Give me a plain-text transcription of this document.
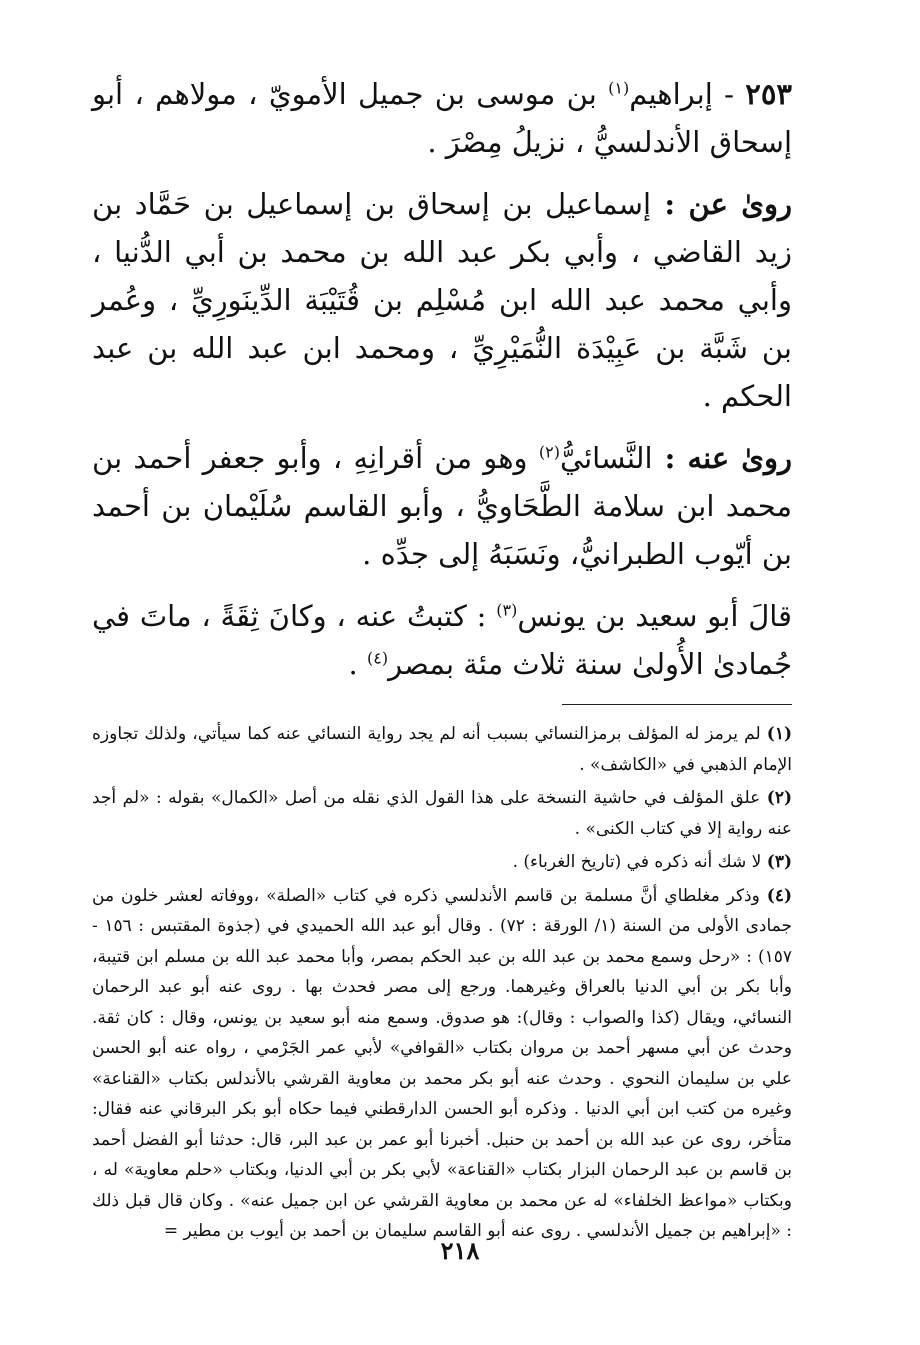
٢٥٣ - إبراهيم$^{(١)}$ بن موسى بن جميل الأمويّ ، مولاهم ، أبو إسحاق الأندلسيُّ ، نزيلُ مِصْرَ .

روىٰ عن : إسماعيل بن إسحاق بن إسماعيل بن حَمَّاد بن زيد القاضي ، وأبي بكر عبد الله بن محمد بن أبي الدُّنيا ، وأبي محمد عبد الله ابن مُسْلِم بن قُتَيْبَة الدِّينَورِيِّ ، وعُمر بن شَبَّة بن عَبِيْدَة النُّمَيْرِيِّ ، ومحمد ابن عبد الله بن عبد الحكم .

روىٰ عنه : النَّسائيُّ$^{(٢)}$ وهو من أقرانِهِ ، وأبو جعفر أحمد بن محمد ابن سلامة الطَّحَاويُّ ، وأبو القاسم سُلَيْمان بن أحمد بن أيّوب الطبرانيُّ، ونَسَبَهُ إلى جدِّه .

قالَ أبو سعيد بن يونس$^{(٣)}$ : كتبتُ عنه ، وكانَ ثِقَةً ، ماتَ في جُمادىٰ الأُولىٰ سنة ثلاث مئة بمصر$^{(٤)}$ .

(١) لم يرمز له المؤلف برمزالنسائي بسبب أنه لم يجد رواية النسائي عنه كما سيأتي، ولذلك تجاوزه الإمام الذهبي في «الكاشف» .

(٢) علق المؤلف في حاشية النسخة على هذا القول الذي نقله من أصل «الكمال» بقوله : «لم أجد عنه رواية إلا في كتاب الكنى» .

(٣) لا شك أنه ذكره في (تاريخ الغرباء) .

(٤) وذكر مغلطاي أنَّ مسلمة بن قاسم الأندلسي ذكره في كتاب «الصلة» ،ووفاته لعشر خلون من جمادى الأولى من السنة (١/ الورقة : ٧٢) . وقال أبو عبد الله الحميدي في (جذوة المقتبس : ١٥٦ - ١٥٧) : «رحل وسمع محمد بن عبد الله بن عبد الحكم بمصر، وأبا محمد عبد الله بن مسلم ابن قتيبة، وأبا بكر بن أبي الدنيا بالعراق وغيرهما. ورجع إلى مصر فحدث بها . روى عنه أبو عبد الرحمان النسائي، ويقال (كذا والصواب : وقال): هو صدوق. وسمع منه أبو سعيد بن يونس، وقال : كان ثقة. وحدث عن أبي مسهر أحمد بن مروان بكتاب «القوافي» لأبي عمر الجَرْمي ، رواه عنه أبو الحسن علي بن سليمان النحوي . وحدث عنه أبو بكر محمد بن معاوية القرشي بالأندلس بكتاب «القناعة» وغيره من كتب ابن أبي الدنيا . وذكره أبو الحسن الدارقطني فيما حكاه أبو بكر البرقاني عنه فقال: متأخر، روى عن عبد الله بن أحمد بن حنبل. أخبرنا أبو عمر بن عبد البر، قال: حدثنا أبو الفضل أحمد بن قاسم بن عبد الرحمان البزار بكتاب «القناعة» لأبي بكر بن أبي الدنيا، وبكتاب «حلم معاوية» له ، وبكتاب «مواعظ الخلفاء» له عن محمد بن معاوية القرشي عن ابن جميل عنه» . وكان قال قبل ذلك : «إبراهيم بن جميل الأندلسي . روى عنه أبو القاسم سليمان بن أحمد بن أيوب بن مطير =

٢١٨
